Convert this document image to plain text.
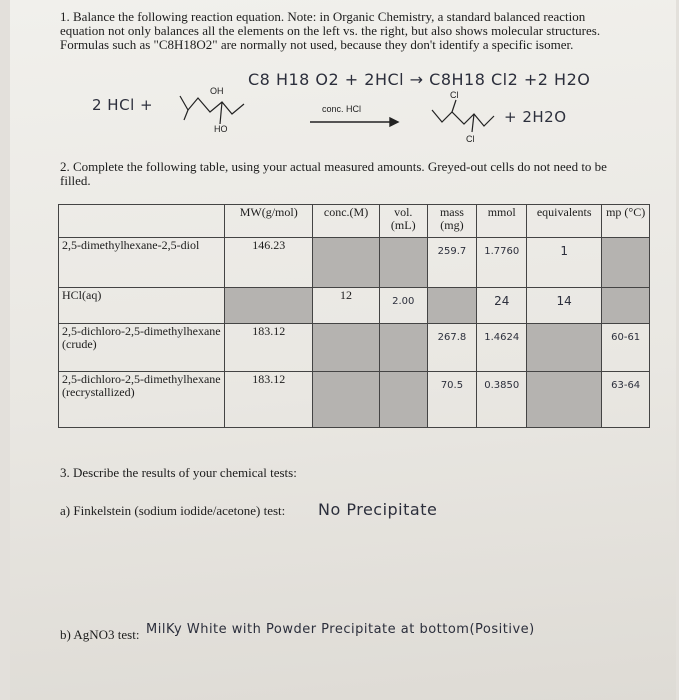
1. Balance the following reaction equation. Note: in Organic Chemistry, a standard balanced reaction equation not only balances all the elements on the left vs. the right, but also shows molecular structures. Formulas such as "C8H18O2" are normally not used, because they don't identify a specific isomer.

C8 H18 O2 + 2HCl → C8H18 Cl2 +2 H2O
2 HCl +
OH
HO
conc. HCl
Cl
Cl
+ 2H2O

2. Complete the following table, using your actual measured amounts. Greyed-out cells do not need to be filled.

	MW(g/mol)	conc.(M)	vol. (mL)	mass (mg)	mmol	equivalents	mp (°C)
2,5-dimethylhexane-2,5-diol	146.23			259.7	1.7760	1	

HCl(aq)		12	2.00		24	14	

2,5-dichloro-2,5-dimethylhexane (crude)	183.12			267.8	1.4624		60-61

2,5-dichloro-2,5-dimethylhexane (recrystallized)	183.12			70.5	0.3850		63-64

3. Describe the results of your chemical tests:

a) Finkelstein (sodium iodide/acetone) test: No Precipitate

b) AgNO3 test: MilKy White with Powder Precipitate at bottom(Positive)
